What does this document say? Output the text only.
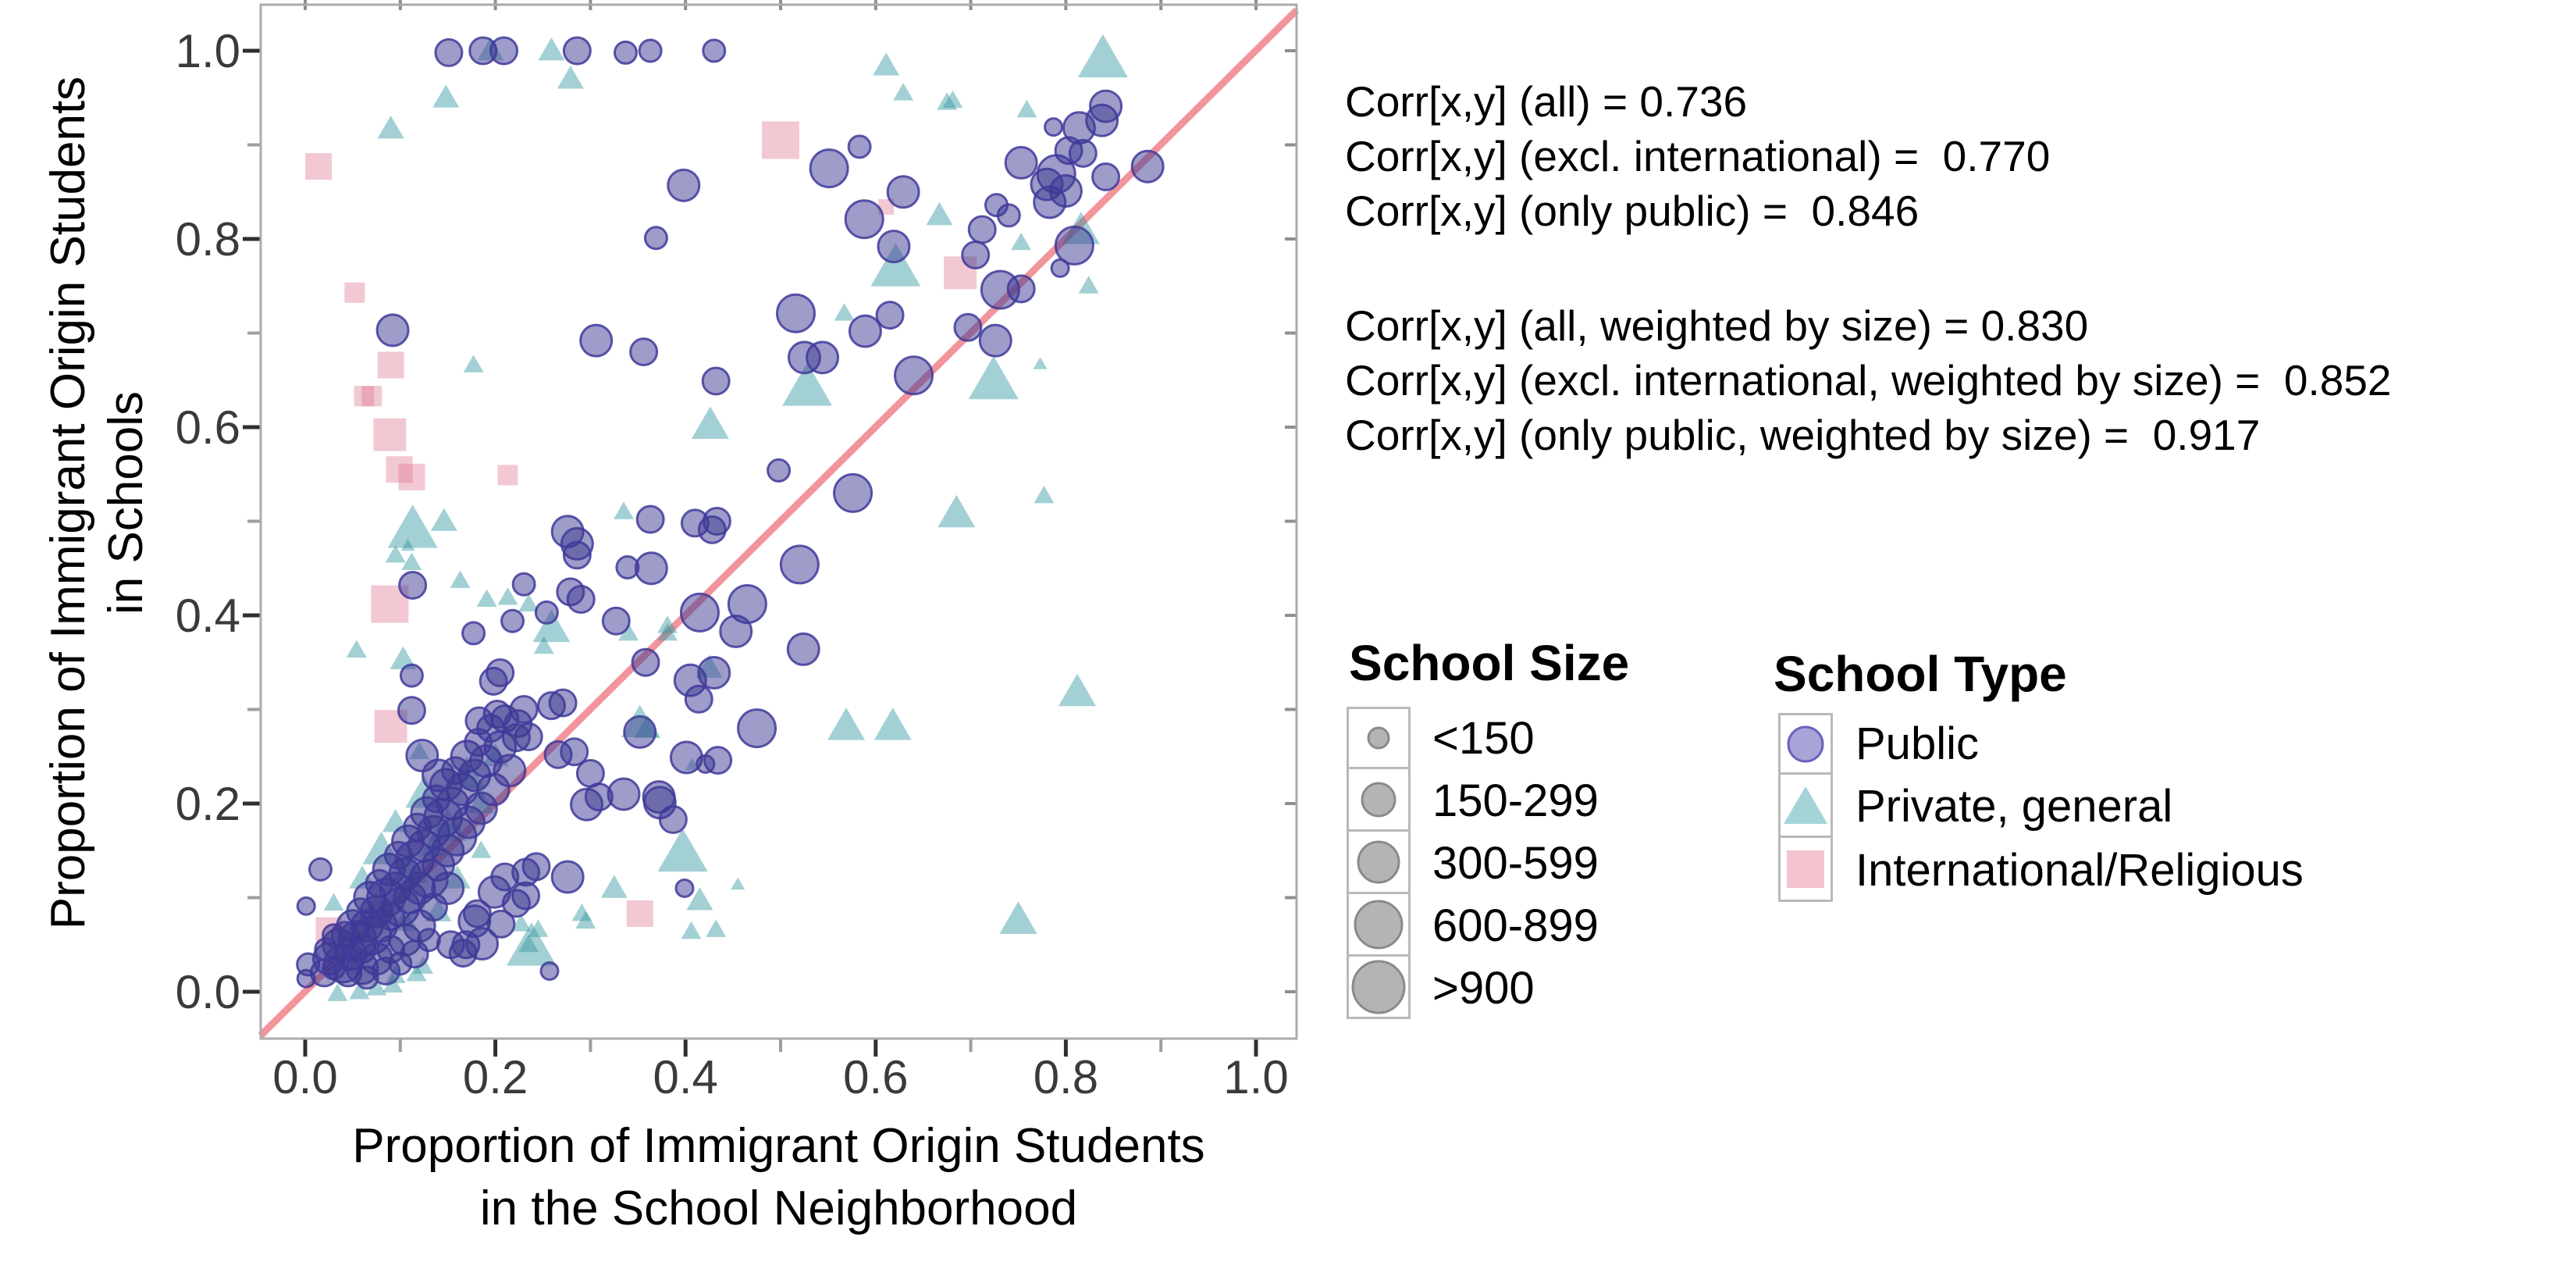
0.0	0.2	0.4	0.6	0.8	1.0
0.0
0.2
0.4
0.6
0.8
1.0
Proportion of Immigrant Origin Students
in the School Neighborhood
Proportion of Immigrant Origin Students in Schools
Corr[x,y] (all) = 0.736
Corr[x,y] (excl. international) =  0.770
Corr[x,y] (only public) =  0.846
Corr[x,y] (all, weighted by size) = 0.830
Corr[x,y] (excl. international, weighted by size) =  0.852
Corr[x,y] (only public, weighted by size) =  0.917
School Size
<150
150-299
300-599
600-899
>900
School Type
Public
Private, general
International/Religious
